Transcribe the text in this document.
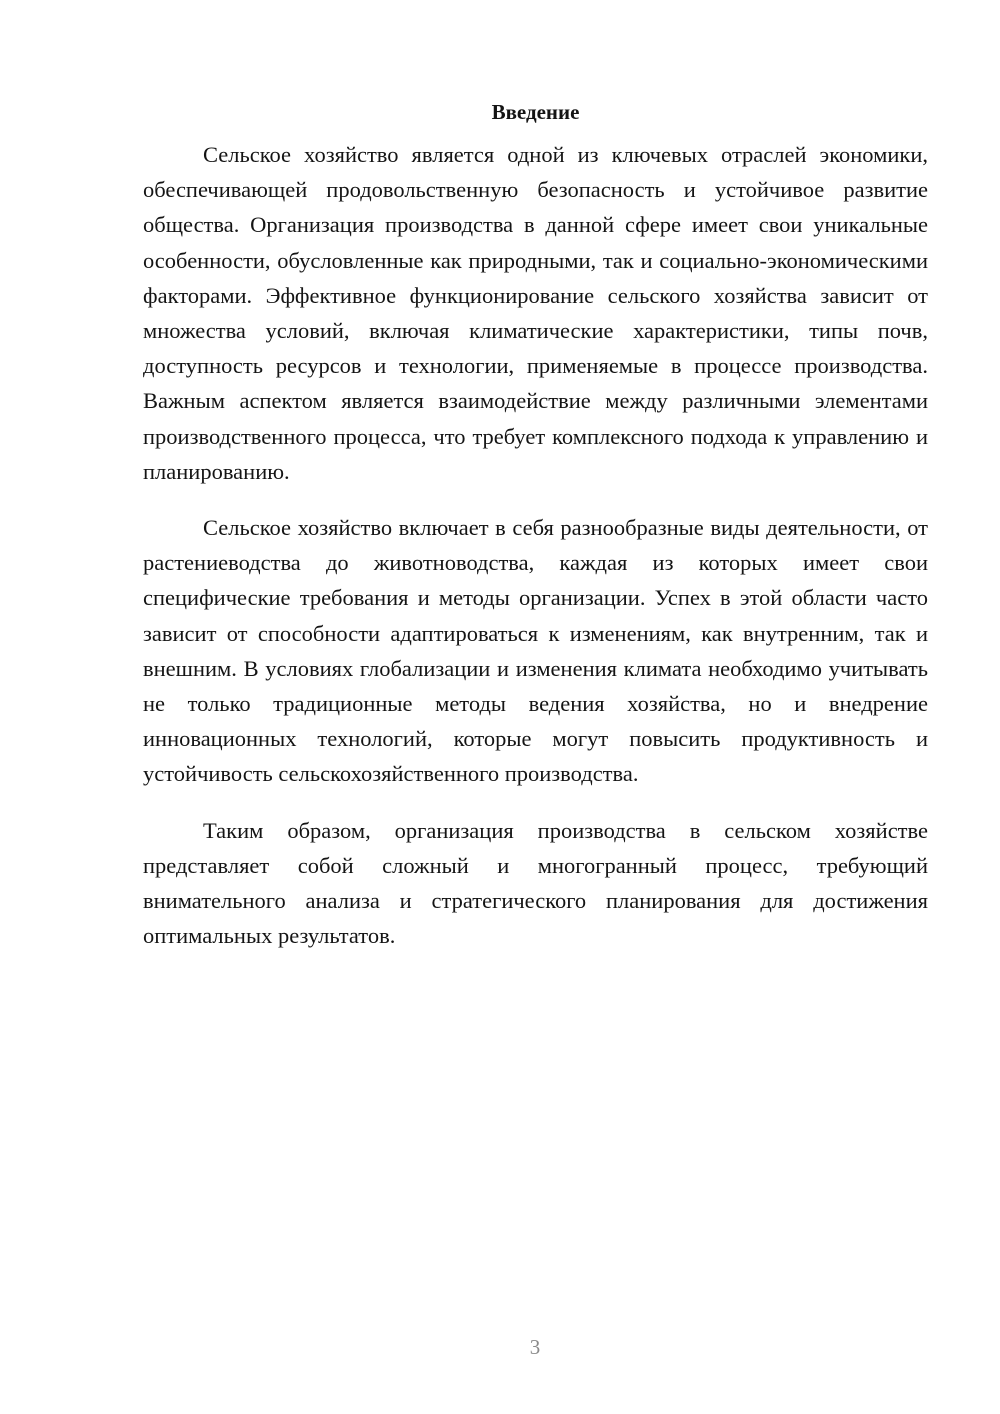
Введение

Сельское хозяйство является одной из ключевых отраслей экономики, обеспечивающей продовольственную безопасность и устойчивое развитие общества. Организация производства в данной сфере имеет свои уникальные особенности, обусловленные как природными, так и социально-экономическими факторами. Эффективное функционирование сельского хозяйства зависит от множества условий, включая климатические характеристики, типы почв, доступность ресурсов и технологии, применяемые в процессе производства. Важным аспектом является взаимодействие между различными элементами производственного процесса, что требует комплексного подхода к управлению и планированию.

Сельское хозяйство включает в себя разнообразные виды деятельности, от растениеводства до животноводства, каждая из которых имеет свои специфические требования и методы организации. Успех в этой области часто зависит от способности адаптироваться к изменениям, как внутренним, так и внешним. В условиях глобализации и изменения климата необходимо учитывать не только традиционные методы ведения хозяйства, но и внедрение инновационных технологий, которые могут повысить продуктивность и устойчивость сельскохозяйственного производства.

Таким образом, организация производства в сельском хозяйстве представляет собой сложный и многогранный процесс, требующий внимательного анализа и стратегического планирования для достижения оптимальных результатов.

3
